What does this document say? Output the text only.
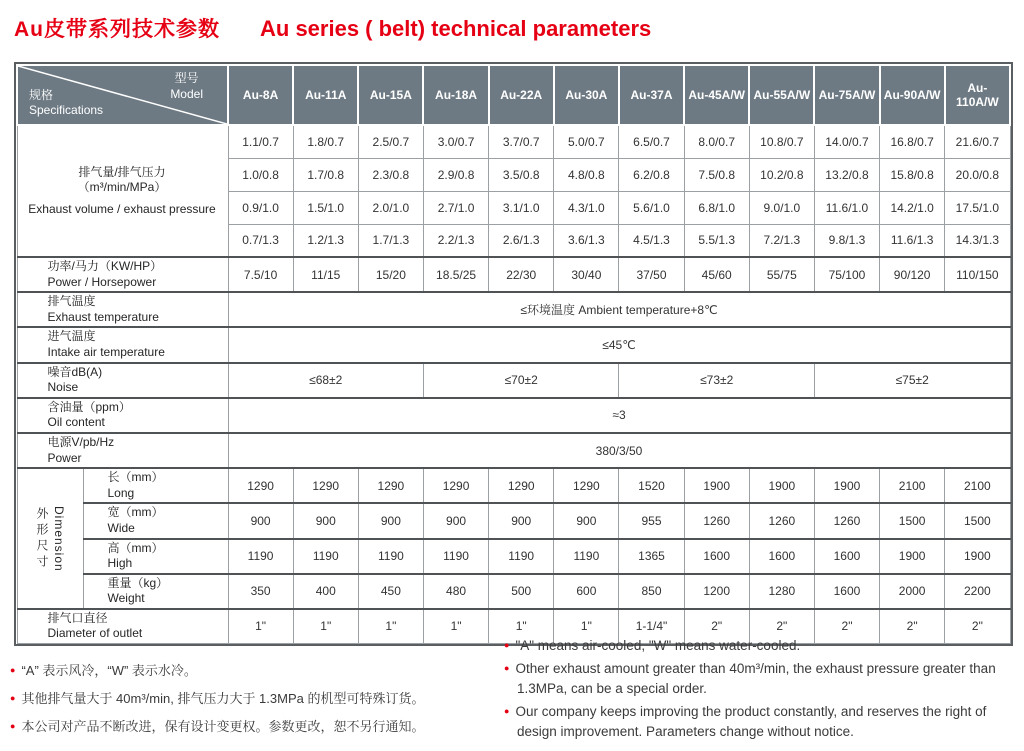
Au皮带系列技术参数 Au series ( belt) technical parameters
型号
Model
规格
Specifications		Au-8A	Au-11A	Au-15A	Au-18A	Au-22A	Au-30A	Au-37A	Au-45A/W	Au-55A/W	Au-75A/W	Au-90A/W	Au-110A/W

排气量/排气压力
（m³/min/MPa）
Exhaust volume / exhaust pressure		1.1/0.7	1.8/0.7	2.5/0.7	3.0/0.7	3.7/0.7	5.0/0.7	6.5/0.7	8.0/0.7	10.8/0.7	14.0/0.7	16.8/0.7	21.6/0.7
		1.0/0.8	1.7/0.8	2.3/0.8	2.9/0.8	3.5/0.8	4.8/0.8	6.2/0.8	7.5/0.8	10.2/0.8	13.2/0.8	15.8/0.8	20.0/0.8
		0.9/1.0	1.5/1.0	2.0/1.0	2.7/1.0	3.1/1.0	4.3/1.0	5.6/1.0	6.8/1.0	9.0/1.0	11.6/1.0	14.2/1.0	17.5/1.0
		0.7/1.3	1.2/1.3	1.7/1.3	2.2/1.3	2.6/1.3	3.6/1.3	4.5/1.3	5.5/1.3	7.2/1.3	9.8/1.3	11.6/1.3	14.3/1.3

功率/马力（KW/HP）
Power / Horsepower		7.5/10	11/15	15/20	18.5/25	22/30	30/40	37/50	45/60	55/75	75/100	90/120	110/150

排气温度
Exhaust temperature		≤环境温度 Ambient temperature+8℃											

进气温度
Intake air temperature		≤45℃											

噪音dB(A)
Noise		≤68±2			≤70±2			≤73±2			≤75±2		

含油量（ppm）
Oil content		≈3											

电源V/pb/Hz
Power		380/3/50											

外形尺寸 Dimension

长（mm）
Long	1290	1290	1290	1290	1290	1290	1520	1900	1900	1900	2100	2100

	宽（mm）
Wide	900	900	900	900	900	900	955	1260	1260	1260	1500	1500

	高（mm）
High	1190	1190	1190	1190	1190	1190	1365	1600	1600	1600	1900	1900

	重量（kg）
Weight	350	400	450	480	500	600	850	1200	1280	1600	2000	2200

排气口直径
Diameter of outlet		1"	1"	1"	1"	1"	1"	1-1/4"	2"	2"	2"	2"	2"
● “A” 表示风冷，“W” 表示水冷。
● 其他排气量大于 40m³/min, 排气压力大于 1.3MPa 的机型可特殊订货。
● 本公司对产品不断改进，保有设计变更权。参数更改，恕不另行通知。
● "A" means air-cooled, "W" means water-cooled.
● Other exhaust amount greater than 40m³/min, the exhaust pressure greater than 1.3MPa, can be a special order.
● Our company keeps improving the product constantly, and reserves the right of design improvement. Parameters change without notice.
